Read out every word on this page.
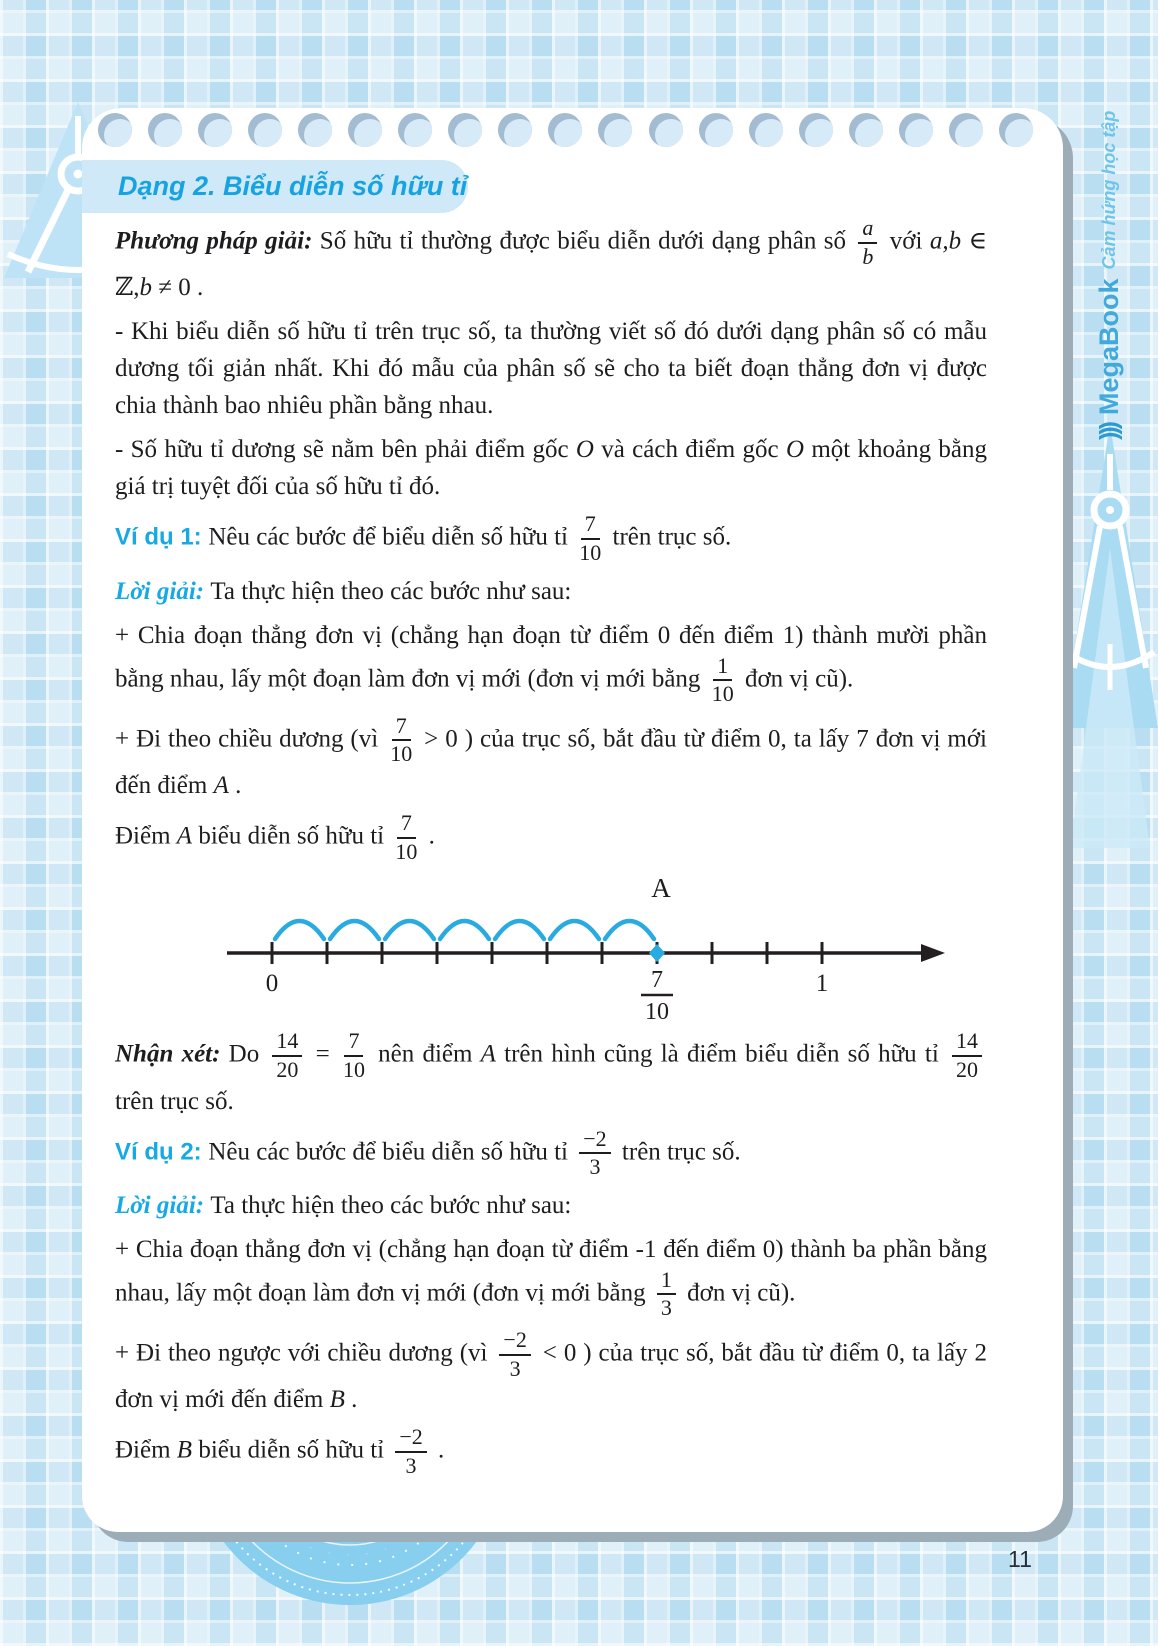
)))
MegaBook
Cảm hứng học tập
Dạng 2. Biểu diễn số hữu tỉ

Phương pháp giải: Số hữu tỉ thường được biểu diễn dưới dạng phân số $\frac{a}{b}$ với a,b ∈ ℤ,b ≠ 0 .

- Khi biểu diễn số hữu tỉ trên trục số, ta thường viết số đó dưới dạng phân số có mẫu dương tối giản nhất. Khi đó mẫu của phân số sẽ cho ta biết đoạn thẳng đơn vị được chia thành bao nhiêu phần bằng nhau.

- Số hữu tỉ dương sẽ nằm bên phải điểm gốc O và cách điểm gốc O một khoảng bằng giá trị tuyệt đối của số hữu tỉ đó.

Ví dụ 1: Nêu các bước để biểu diễn số hữu tỉ $\frac{7}{10}$ trên trục số.

Lời giải: Ta thực hiện theo các bước như sau:

+ Chia đoạn thẳng đơn vị (chẳng hạn đoạn từ điểm 0 đến điểm 1) thành mười phần bằng nhau, lấy một đoạn làm đơn vị mới (đơn vị mới bằng $\frac{1}{10}$ đơn vị cũ).

+ Đi theo chiều dương (vì $\frac{7}{10} > 0$ ) của trục số, bắt đầu từ điểm 0, ta lấy 7 đơn vị mới đến điểm A .

Điểm A biểu diễn số hữu tỉ $\frac{7}{10}$ .

A
0	1
7
10

Nhận xét: Do $\frac{14}{20} = \frac{7}{10}$ nên điểm A trên hình cũng là điểm biểu diễn số hữu tỉ $\frac{14}{20}$
trên trục số.

Ví dụ 2: Nêu các bước để biểu diễn số hữu tỉ $\frac{-2}{3}$ trên trục số.

Lời giải: Ta thực hiện theo các bước như sau:

+ Chia đoạn thẳng đơn vị (chẳng hạn đoạn từ điểm -1 đến điểm 0) thành ba phần bằng nhau, lấy một đoạn làm đơn vị mới (đơn vị mới bằng $\frac{1}{3}$ đơn vị cũ).

+ Đi theo ngược với chiều dương (vì $\frac{-2}{3} < 0$ ) của trục số, bắt đầu từ điểm 0, ta lấy 2 đơn vị mới đến điểm B .

Điểm B biểu diễn số hữu tỉ $\frac{-2}{3}$ .

11
